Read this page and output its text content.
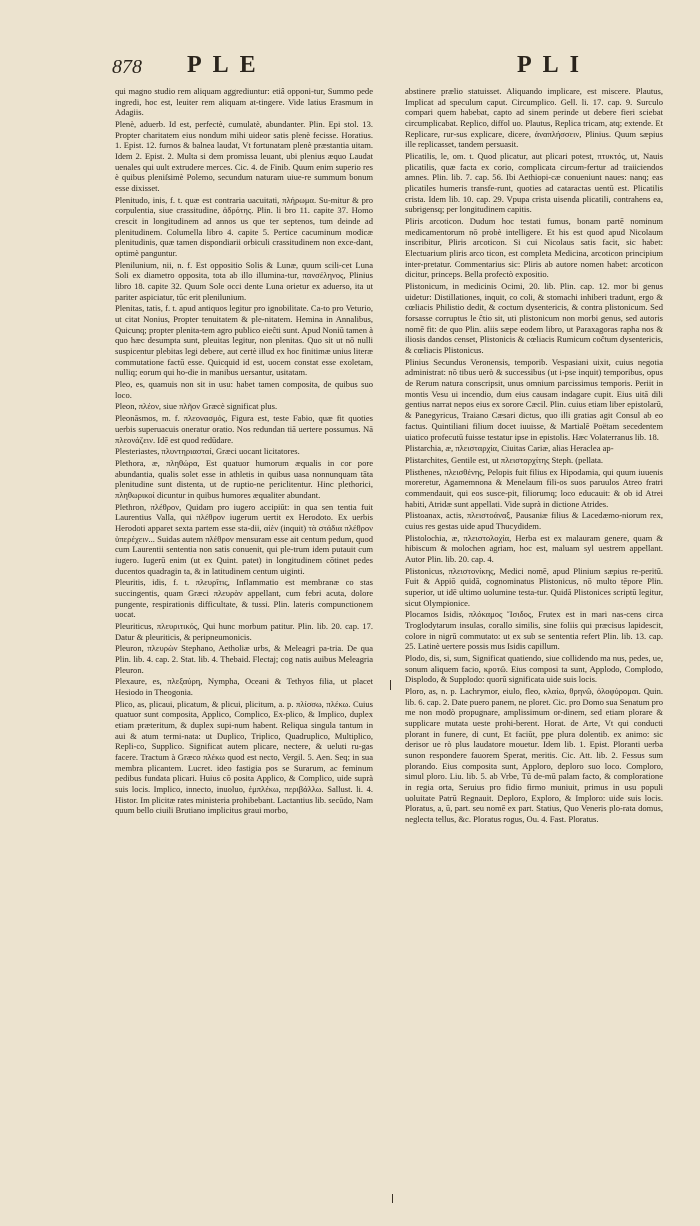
878 PLE	PLI

qui magno studio rem aliquam aggrediuntur: etiâ opponi-tur, Summo pede ingredi, hoc est, leuiter rem aliquam at-tingere. Vide latius Erasmum in Adagiis.

Plenè, aduerb. Id est, perfectè, cumulatè, abundanter. Plin. Epi stol. 13. Propter charitatem eius nondum mihi uideor satis plenè fecisse. Horatius. 1. Epist. 12. furnos & balnea laudat, Vt fortunatam plenè præstantia uitam. Idem 2. Epist. 2. Multa si dem promissa leuant, ubi plenius æquo Laudat uenales qui uult extrudere merces. Cic. 4. de Finib. Quum enim superio res è quibus pleniſsimè Polemo, secundum naturam uiue-re summum bonum esse dixisset.

Plenitudo, inis, f. t. quæ est contraria uacuitati, πλήρωμα. Su-mitur & pro corpulentia, siue crassitudine, ἁδρότης. Plin. li bro 11. capite 37. Homo crescit in longitudinem ad annos us que ter septenos, tum deinde ad plenitudinem. Columella libro 4. capite 5. Pertice cacuminum modicæ plenitudinis, quæ tamen dispondiarii orbiculi crassitudinem non exce-dant, optimè panguntur.

Plenilunium, nii, n. f. Est oppositio Solis & Lunæ, quum scili-cet Luna Soli ex diametro opposita, tota ab illo illumina-tur, πανσέληνος, Plinius libro 18. capite 32. Quum Sole occi dente Luna orietur ex aduerso, ita ut pariter aspiciatur, tūc erit plenilunium.

Plenitas, tatis, f. t. apud antiquos legitur pro ignobilitate. Ca-to pro Veturio, ut citat Nonius, Propter tenuitatem & ple-nitatem. Hemina in Annalibus, Quicunq; propter plenita-tem agro publico eieĉti sunt. Apud Noniū tamen à quo hæc desumpta sunt, pleuitas legitur, non plenitas. Quo sit ut nō nulli suspicentur plebitas legi debere, aut certè illud ex hoc finitimæ unius literæ commutatione factū esse. Quicquid id est, uocem constat esse exoletam, nulliq; eorum qui ho-die in manibus uersantur, usitatam.

Pleo, es, quamuis non sit in usu: habet tamen composita, de quibus suo loco.

Pleon, πλέον, siue πλῆον Græcè significat plus.

Pleonāsmos, m. f. πλεονασμός, Figura est, teste Fabio, quæ fit quoties uerbis superuacuis oneratur oratio. Nos redundan tiā uertere possumus. Nā πλεονάζειν. Idē est quod redūdare.

Plesteriastes, πλυντηριασταί, Græci uocant licitatores.

Plethora, æ, πληθώρα, Est quatuor humorum æqualis in cor pore abundantia, qualis solet esse in athletis in quibus uasa nonnunquam tāta plenitudine sunt distenta, ut de ruptio-ne periclitentur. Hinc plethorici, πληθωρικοί dicuntur in quibus humores æqualiter abundant.

Plethron, πλέθρον, Quidam pro iugero accipiūt: in qua sen tentia fuit Laurentius Valla, qui πλέθρον iugerum uertit ex Herodoto. Ex uerbis Herodoti apparet sexta partem esse sta-dii, αἰὲν (inquit) τὰ στάδια πλέθρον ὑπερέχειν... Suidas autem πλέθρον mensuram esse ait centum pedum, quod cum Laurentii sententia non satis conuenit, qui ple-trum idem putauit cum iugero. Iugerū enim (ut ex Quint. patet) in longitudinem cōtinet pedes ducentos quadragin ta, & in latitudinem centum uiginti.

Pleuritis, idis, f. t. πλευρῖτις, Inflammatio est membranæ co stas succingentis, quam Græci πλευρὰν appellant, cum febri acuta, dolore pungente, respirationis difficultate, & tussi. Plin. lateris compunctionem uocat.

Pleuriticus, πλευριτικός, Qui hunc morbum patitur. Plin. lib. 20. cap. 17. Datur & pleuriticis, & peripneumonicis.

Pleuron, πλευρὼν Stephano, Aetholiæ urbs, & Meleagri pa-tria. De qua Plin. lib. 4. cap. 2. Stat. lib. 4. Thebaid. Flectaj; cog natis auibus Meleagria Pleuron.

Plexaure, es, πλεξαύρη, Nympha, Oceani & Tethyos filia, ut placet Hesiodo in Theogonia.

Plico, as, plicaui, plicatum, & plicui, plicitum, a. p. πλίσσω, πλέκω. Cuius quatuor sunt composita, Applico, Complico, Ex-plico, & Implico, duplex etiam præteritum, & duplex supi-num habent. Reliqua singula tantum in aui & atum termi-nata: ut Duplico, Triplico, Quadruplico, Multiplico, Repli-co, Supplico. Significat autem plicare, nectere, & ueluti ru-gas facere. Tractum à Græco πλέκω quod est necto, Vergil. 5. Aen. Seq; in sua membra plicantem. Lucret. ideo fastigia pos se Surarum, ac feminum pedibus fundata plicari. Huius cō posita Applico, & Complico, uide suprà suis locis. Implico, innecto, inuoluo, ἐμπλέκω, περιβάλλω. Sallust. li. 4. Histor. Im plicitæ rates ministeria prohibebant. Lactantius lib. secūdo, Nam quum bello ciuili Brutiano implicitus graui morbo,

abstinere prælio statuisset. Aliquando implicare, est miscere. Plautus, Implicat ad speculum caput. Circumplico. Gell. li. 17. cap. 9. Surculo compari quem habebat, capto ad sinem perinde ut debere fieri sciebat circumplicabat. Replico, diffol uo. Plautus, Replica tricam, atq; extende. Et Replicare, rur-sus explicare, dicere, ἀναπλήσσειν, Plinius. Quum sæpius ille replicasset, tandem persuasit.

Plicatilis, le, om. t. Quod plicatur, aut plicari potest, πτυκτός, ut, Nauis plicatilis, quæ facta ex corio, complicata circum-fertur ad traiiciendos amnes. Plin. lib. 7. cap. 56. Ibi Aethiopi-cæ conueniunt naues: nanq; eas plicatiles humeris transfe-runt, quoties ad cataractas uentū est. Plicatilis crista. Idem lib. 10. cap. 29. Vpupa crista uisenda plicatili, contrahens ea, subrigensq; per longitudinem capitis.

Pliris arcoticon. Dudum hoc testati fumus, bonam partē nominum medicamentorum nō probè intelligere. Et his est quod apud Nicolaum inscribitur, Pliris arcoticon. Si cui Nicolaus satis facit, sic habet: Electuarium pliris arco ticon, est completa Medicina, arcoticon principium inter-pretatur. Commentarius sic: Pliris ab autore nomen habet: arcoticon dicitur, princeps. Bella profectò expositio.

Plistonicum, in medicinis Ocimi, 20. lib. Plin. cap. 12. mor bi genus uidetur: Distillationes, inquit, co coli, & stomachi inhiberi tradunt, ergo & cœliacis Philistio dedit, & coctum dysentericis, & contra plistonicum. Sed forsasse corruptus le ĉtio sit, uti plistonicum non morbi genus, sed autoris nomē fit: de quo Plin. aliis sæpe eodem libro, ut Paraxagoras rapha nos & iliosis dandos censet, Plistonicis & cœliacis Rumicum coĉtum dysentericis, & cœliacis Plistonicus.

Plinius Secundus Veronensis, temporib. Vespasiani uixit, cuius negotia administrat: nō tibus uerò & successibus (ut i-pse inquit) temporibus, opus de Rerum natura conscripsit, unus omnium parcissimus temporis. Periit in montis Vesu ui incendio, dum eius causam indagare cupit. Eius uitā dili gentius narrat nepos eius ex sorore Cæcil. Plin. cuius etiam liber epistolarū, & Panegyricus, Traiano Cæsari dictus, quo illi gratias agit Consul ab eo factus. Quintiliani filium docet iuuisse, & Martialē Poëtam secedentem uiatico profecutū fuisse testatur ipse in epistolis. Hæc Volaterranus lib. 18.

Plistarchia, æ, πλεισταρχία, Ciuitas Cariæ, alias Heraclea ap-

Plistarchites, Gentile est, ut πλεισταρχίτης Steph. (pellata.

Plisthenes, πλεισθένης, Pelopis fuit filius ex Hipodamia, qui quum iuuenis moreretur, Agamemnona & Menelaum fili-os suos paruulos Atreo fratri commendauit, qui eos susce-pit, filiorumq; loco educauit: & ob id Atrei habiti, Atridæ sunt appellati. Vide suprà in dictione Atrides.

Plistoanax, actis, πλειστοάναξ, Pausaniæ filius & Lacedæmo-niorum rex, cuius res gestas uide apud Thucydidem.

Plistolochia, æ, πλειστολοχία, Herba est ex malauram genere, quam & hibiscum & molochen agriam, hoc est, maluam syl uestrem appellant. Autor Plin. lib. 20. cap. 4.

Plistonicus, πλειστονίκης, Medici nomē, apud Plinium sæpius re-peritū. Fuit & Appiō quidā, cognominatus Plistonicus, nō multo tēpore Plin. superior, ut idē ultimo uolumine testa-tur. Quidā Plistonices scriptū legitur, sicut Olympionice.

Plocamos Isidis, πλόκαμος Ἴσιδος, Frutex est in mari nas-cens circa Troglodytarum insulas, corallo similis, sine foliis qui præcisus lapidescit, colore in nigrū commutato: ut ex sub se sententia refert Plin. lib. 13. cap. 25. Latinè uertere possis mus Isidis capillum.

Plodo, dis, si, sum, Significat quatiendo, siue collidendo ma nus, pedes, ue, sonum aliquem facio, κροτῶ. Eius composi ta sunt, Applodo, Complodo, Displodo, & Supplodo: quorū significata uide suis locis.

Ploro, as, n. p. Lachrymor, eiulo, fleo, κλαίω, θρηνῶ, ὀλοφύρομαι. Quin. lib. 6. cap. 2. Date puero panem, ne ploret. Cic. pro Domo sua Senatum pro me non modò propugnare, amplissimum or-dinem, sed etiam plorare & supplicare mutata ueste prohi-berent. Horat. de Arte, Vt qui conducti plorant in funere, di cunt, Et faciūt, ppe plura dolentib. ex animo: sic derisor ue rò plus laudatore mouetur. Idem lib. 1. Epist. Ploranti uerba sunon respondere fauorem Sperat, meritis. Cic. Att. lib. 2. Fessus sum plorando. Eius composita sunt, Apploro, deploro suo loco. Comploro, simul ploro. Liu. lib. 5. ab Vrbe, Tū de-mū palam facto, & comploratione in regia orta, Seruius pro fidio firmo muniuit, primus in usu populi uoluitate Patrū Regnauit. Deploro, Exploro, & Imploro: uide suis locis. Ploratus, a, ū, part. seu nomē ex part. Statius, Quo Veneris plo-rata domus, neglecta tellus, &c. Ploratus rogus, Ou. 4. Fast. Ploratus.
